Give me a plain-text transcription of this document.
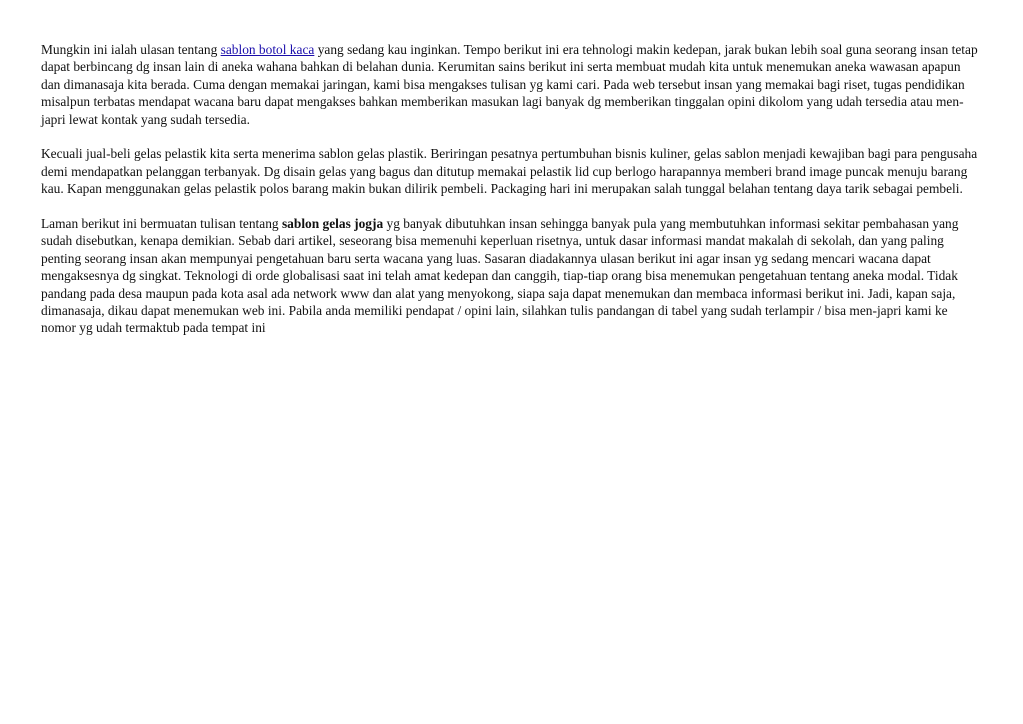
Mungkin ini ialah ulasan tentang sablon botol kaca yang sedang kau inginkan. Tempo berikut ini era tehnologi makin kedepan, jarak bukan lebih soal guna seorang insan tetap dapat berbincang dg insan lain di aneka wahana bahkan di belahan dunia. Kerumitan sains berikut ini serta membuat mudah kita untuk menemukan aneka wawasan apapun dan dimanasaja kita berada. Cuma dengan memakai jaringan, kami bisa mengakses tulisan yg kami cari. Pada web tersebut insan yang memakai bagi riset, tugas pendidikan misalpun terbatas mendapat wacana baru dapat mengakses bahkan memberikan masukan lagi banyak dg memberikan tinggalan opini dikolom yang udah tersedia atau men-japri lewat kontak yang sudah tersedia.

Kecuali jual-beli gelas pelastik kita serta menerima sablon gelas plastik. Beriringan pesatnya pertumbuhan bisnis kuliner, gelas sablon menjadi kewajiban bagi para pengusaha demi mendapatkan pelanggan terbanyak. Dg disain gelas yang bagus dan ditutup memakai pelastik lid cup berlogo harapannya memberi brand image puncak menuju barang kau. Kapan menggunakan gelas pelastik polos barang makin bukan dilirik pembeli. Packaging hari ini merupakan salah tunggal belahan tentang daya tarik sebagai pembeli.

Laman berikut ini bermuatan tulisan tentang sablon gelas jogja yg banyak dibutuhkan insan sehingga banyak pula yang membutuhkan informasi sekitar pembahasan yang sudah disebutkan, kenapa demikian. Sebab dari artikel, seseorang bisa memenuhi keperluan risetnya, untuk dasar informasi mandat makalah di sekolah, dan yang paling penting seorang insan akan mempunyai pengetahuan baru serta wacana yang luas. Sasaran diadakannya ulasan berikut ini agar insan yg sedang mencari wacana dapat mengaksesnya dg singkat. Teknologi di orde globalisasi saat ini telah amat kedepan dan canggih, tiap-tiap orang bisa menemukan pengetahuan tentang aneka modal. Tidak pandang pada desa maupun pada kota asal ada network www dan alat yang menyokong, siapa saja dapat menemukan dan membaca informasi berikut ini. Jadi, kapan saja, dimanasaja, dikau dapat menemukan web ini. Pabila anda memiliki pendapat / opini lain, silahkan tulis pandangan di tabel yang sudah terlampir / bisa men-japri kami ke nomor yg udah termaktub pada tempat ini
